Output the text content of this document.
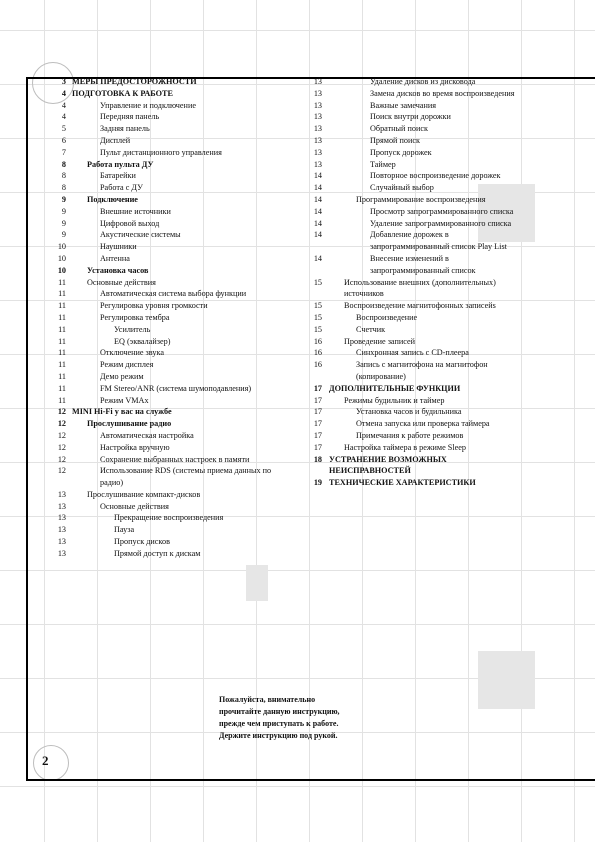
3 МЕРЫ ПРЕДОСТОРОЖНОСТИ
4 ПОДГОТОВКА К РАБОТЕ
4	Управление и подключение
4	Передняя панель
5	Задняя панель
6	Дисплей
7	Пульт дистанционного управления
8	Работа пульта ДУ
8	Батарейки
8	Работа с ДУ
9	Подключение
9	Внешние источники
9	Цифровой выход
9	Акустические системы
10	Наушники
10	Антенна
10	Установка часов
11	Основные действия
11	Автоматическая система выбора функции
11	Регулировка уровня громкости
11	Регулировка тембра
11	Усилитель
11	EQ (эквалайзер)
11	Отключение звука
11	Режим дисплея
11	Демо режим
11	FM Stereo/ANR (система шумоподавления)
11	Режим VMAx
12 MINI Hi-Fi у вас на службе
12	Прослушивание радио
12	Автоматическая настройка
12	Настройка вручную
12	Сохранение выбранных настроек в памяти
12	Использование RDS (системы приема данных по
радио)
13	Прослушивание компакт-дисков
13	Основные действия
13	Прекращение воспроизведения
13	Пауза
13	Пропуск дисков
13	Прямой доступ к дискам
13	Удаление дисков из дисковода
13	Замена дисков во время воспроизведения
13	Важные замечания
13	Поиск внутри дорожки
13	Обратный поиск
13	Прямой поиск
13	Пропуск дорожек
13	Таймер
14	Повторное воспроизведение дорожек
14	Случайный выбор
14	Программирование воспроизведения
14	Просмотр запрограммированного списка
14	Удаление запрограммированного списка
14	Добавление дорожек в
запрограммированный список Play List
14	Внесение изменений в
запрограммированный список
15	Использование внешних (дополнительных)
источников
15	Воспроизведение магнитофонных записейs
15	Воспроизведение
15	Счетчик
16	Проведение записей
16	Синхронная запись с CD-плеера
16	Запись с магнитофона на магнитофон
(копирование)
17 ДОПОЛНИТЕЛЬНЫЕ ФУНКЦИИ
17	Режимы будильник и таймер
17	Установка часов и будильника
17	Отмена запуска или проверка таймера
17	Примечания к работе режимов
17	Настройка таймера в режиме Sleep
18 УСТРАНЕНИЕ ВОЗМОЖНЫХ
НЕИСПРАВНОСТЕЙ
19 ТЕХНИЧЕСКИЕ ХАРАКТЕРИСТИКИ
Пожалуйста, внимательно
прочитайте данную инструкцию,
прежде чем приступать к работе.
Держите инструкцию под рукой.
2
